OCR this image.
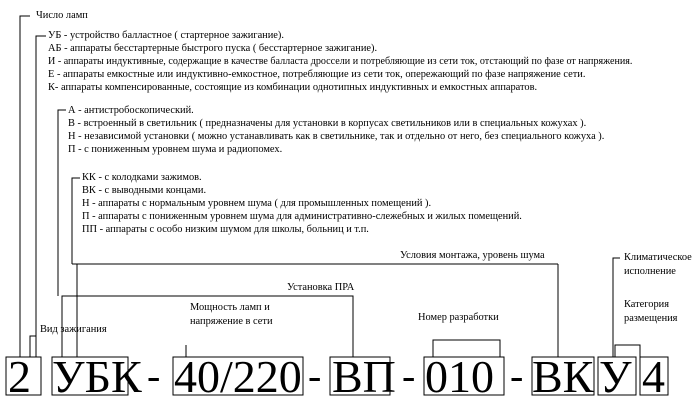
Число ламп
УБ - устройство балластное ( стартерное зажигание).
АБ - аппараты бесстартерные быстрого пуска ( бесстартерное зажигание).
И - аппараты индуктивные, содержащие в качестве балласта дроссели и потребляющие из сети ток, отстающий по фазе от напряжения.
Е - аппараты емкостные или индуктивно-емкостное, потребляющие из сети ток, опережающий по фазе напряжение сети.
К- аппараты компенсированные, состоящие из комбинации однотипных индуктивных и емкостных аппаратов.
А - антистробоскопический.
В - встроенный в светильник ( предназначены для установки в корпусах светильников или в специальных кожухах ).
Н - независимой установки ( можно устанавливать как в светильнике, так и отдельно от него, без специального кожуха ).
П - с пониженным уровнем шума и радиопомех.
КК - с колодками зажимов.
ВК - с выводными концами.
Н - аппараты с нормальным уровнем шума ( для промышленных помещений ).
П - аппараты с пониженным уровнем шума для административно-слежебных и жилых помещений.
ПП - аппараты с особо низким шумом для школы, больниц и т.п.
Условия монтажа, уровень шума
Установка ПРА
Вид зажигания
Мощность ламп и
напряжение в сети	Номер разработки
Климатическое
исполнение
Категория
размещения
2 УБК - 40/220 - ВП - 010 - ВК У 4
